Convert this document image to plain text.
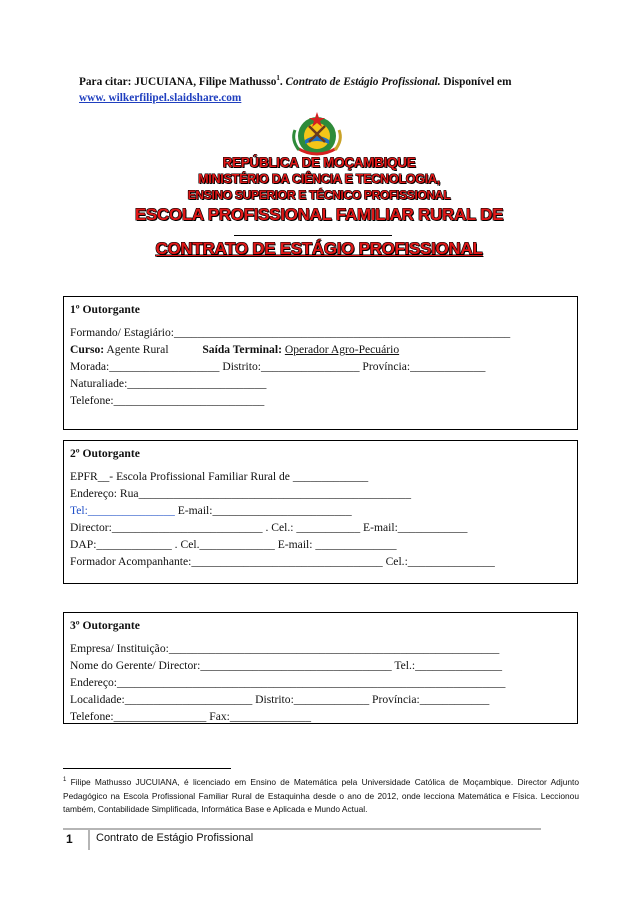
Para citar: JUCUIANA, Filipe Mathusso$^1$. Contrato de Estágio Profissional. Disponível em
www. wilkerfilipel.slaidshare.com
REPÚBLICA DE MOÇAMBIQUE
MINISTÉRIO DA CIÊNCIA E TECNOLOGIA,
ENSINO SUPERIOR E TÉCNICO PROFISSIONAL
ESCOLA PROFISSIONAL FAMILIAR RURAL DE
CONTRATO DE ESTÁGIO PROFISSIONAL
1º Outorgante
Formando/ Estagiário:__________________________________________________________
Curso: Agente Rural	Saída Terminal: Operador Agro-Pecuário
Morada:___________________ Distrito:_________________ Província:_____________
Naturaliade:________________________
Telefone:__________________________
2º Outorgante
EPFR__- Escola Profissional Familiar Rural de _____________
Endereço: Rua_______________________________________________
Tel:_______________ E-mail:________________________
Director:__________________________ . Cel.: ___________ E-mail:____________
DAP:_____________ . Cel._____________ E-mail: ______________
Formador Acompanhante:_________________________________ Cel.:_______________
3º Outorgante
Empresa/ Instituição:_________________________________________________________
Nome do Gerente/ Director:_________________________________ Tel.:_______________
Endereço:___________________________________________________________________
Localidade:______________________ Distrito:_____________ Província:____________
Telefone:________________ Fax:______________
$^1$ Filipe Mathusso JUCUIANA, é licenciado em Ensino de Matemática pela Universidade Católica de Moçambique. Director Adjunto Pedagógico na Escola Profissional Familiar Rural de Estaquinha desde o ano de 2012, onde lecciona Matemática e Física. Leccionou também, Contabilidade Simplificada, Informática Base e Aplicada e Mundo Actual.
1 Contrato de Estágio Profissional
